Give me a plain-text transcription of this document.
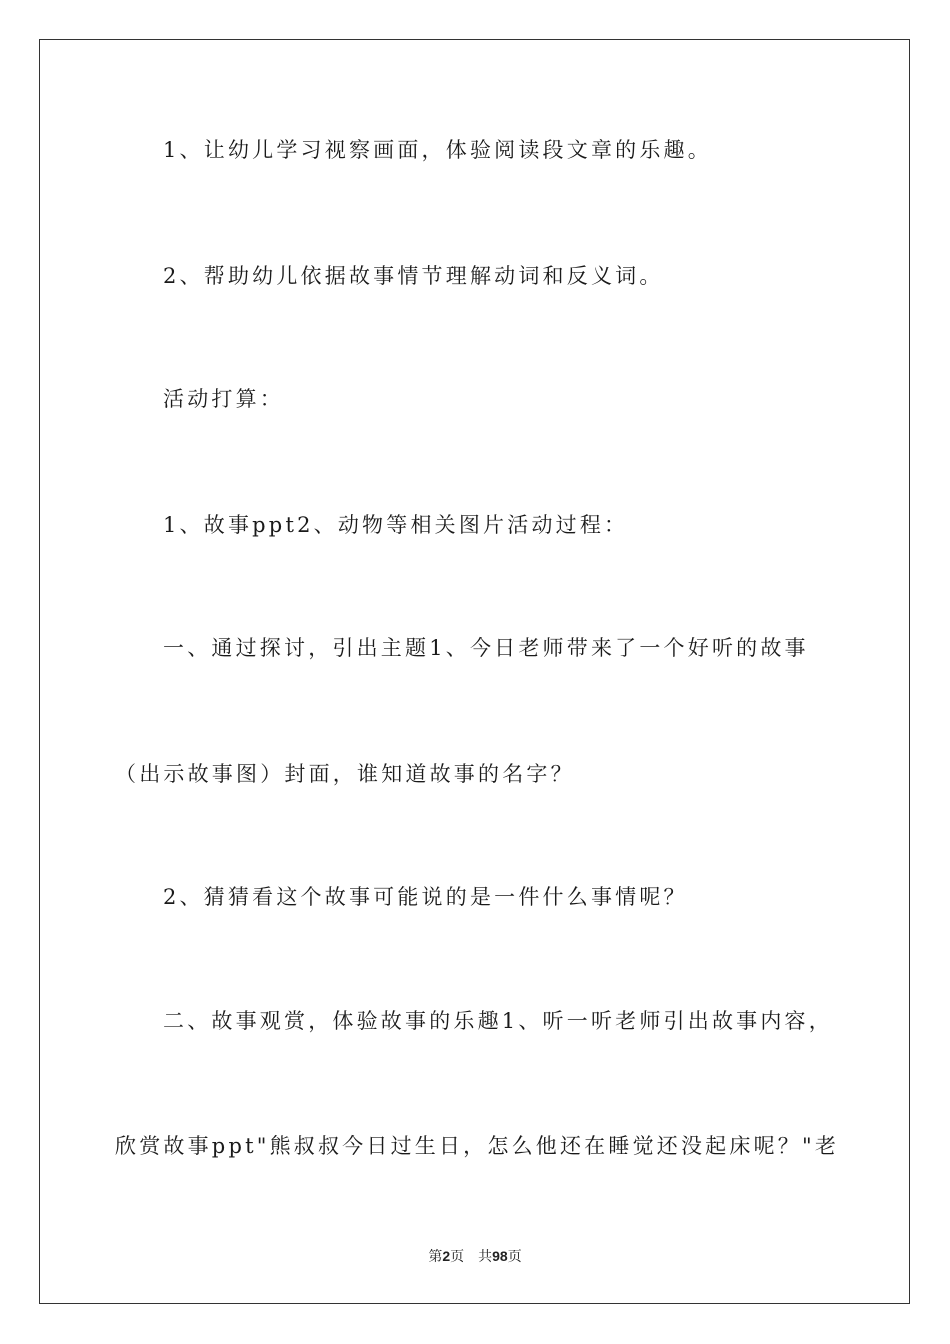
1、让幼儿学习视察画面，体验阅读段文章的乐趣。
2、帮助幼儿依据故事情节理解动词和反义词。
活动打算：
1、故事ppt2、动物等相关图片活动过程：
一、通过探讨，引出主题1、今日老师带来了一个好听的故事
（出示故事图）封面，谁知道故事的名字？
2、猜猜看这个故事可能说的是一件什么事情呢？
二、故事观赏，体验故事的乐趣1、听一听老师引出故事内容，
欣赏故事ppt"熊叔叔今日过生日，怎么他还在睡觉还没起床呢？"老
第2页 共98页
